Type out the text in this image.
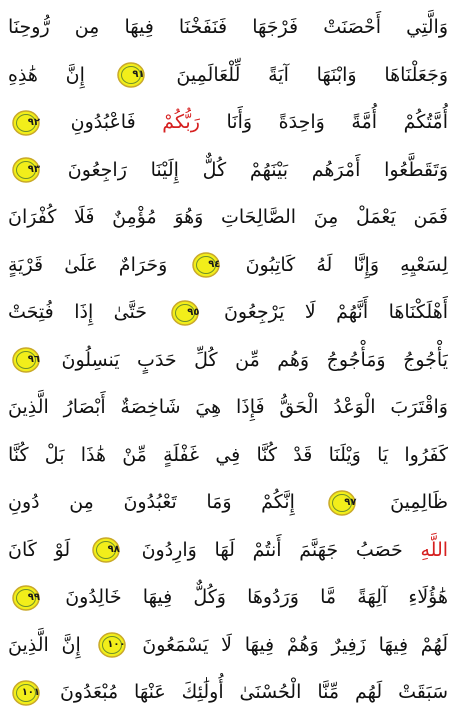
وَالَّتِي أَحْصَنَتْ فَرْجَهَا فَنَفَخْنَا فِيهَا مِن رُّوحِنَا
وَجَعَلْنَاهَا وَابْنَهَا آيَةً لِّلْعَالَمِينَ
٩١
إِنَّ هَٰذِهِ
أُمَّتُكُمْ أُمَّةً وَاحِدَةً وَأَنَا رَبُّكُمْ فَاعْبُدُونِ
٩٢
وَتَقَطَّعُوا أَمْرَهُم بَيْنَهُمْ كُلٌّ إِلَيْنَا رَاجِعُونَ
٩٣
فَمَن يَعْمَلْ مِنَ الصَّالِحَاتِ وَهُوَ مُؤْمِنٌ فَلَا كُفْرَانَ
لِسَعْيِهِ وَإِنَّا لَهُ كَاتِبُونَ
٩٤
وَحَرَامٌ عَلَىٰ قَرْيَةٍ
أَهْلَكْنَاهَا أَنَّهُمْ لَا يَرْجِعُونَ
٩٥
حَتَّىٰ إِذَا فُتِحَتْ
يَأْجُوجُ وَمَأْجُوجُ وَهُم مِّن كُلِّ حَدَبٍ يَنسِلُونَ
٩٦
وَاقْتَرَبَ الْوَعْدُ الْحَقُّ فَإِذَا هِيَ شَاخِصَةٌ أَبْصَارُ الَّذِينَ
كَفَرُوا يَا وَيْلَنَا قَدْ كُنَّا فِي غَفْلَةٍ مِّنْ هَٰذَا بَلْ كُنَّا
ظَالِمِينَ
٩٧
إِنَّكُمْ وَمَا تَعْبُدُونَ مِن دُونِ
اللَّهِ حَصَبُ جَهَنَّمَ أَنتُمْ لَهَا وَارِدُونَ
٩٨
لَوْ كَانَ
هَٰؤُلَاءِ آلِهَةً مَّا وَرَدُوهَا وَكُلٌّ فِيهَا خَالِدُونَ
٩٩
لَهُمْ فِيهَا زَفِيرٌ وَهُمْ فِيهَا لَا يَسْمَعُونَ
١٠٠
إِنَّ الَّذِينَ
سَبَقَتْ لَهُم مِّنَّا الْحُسْنَىٰ أُولَٰئِكَ عَنْهَا مُبْعَدُونَ
١٠١
